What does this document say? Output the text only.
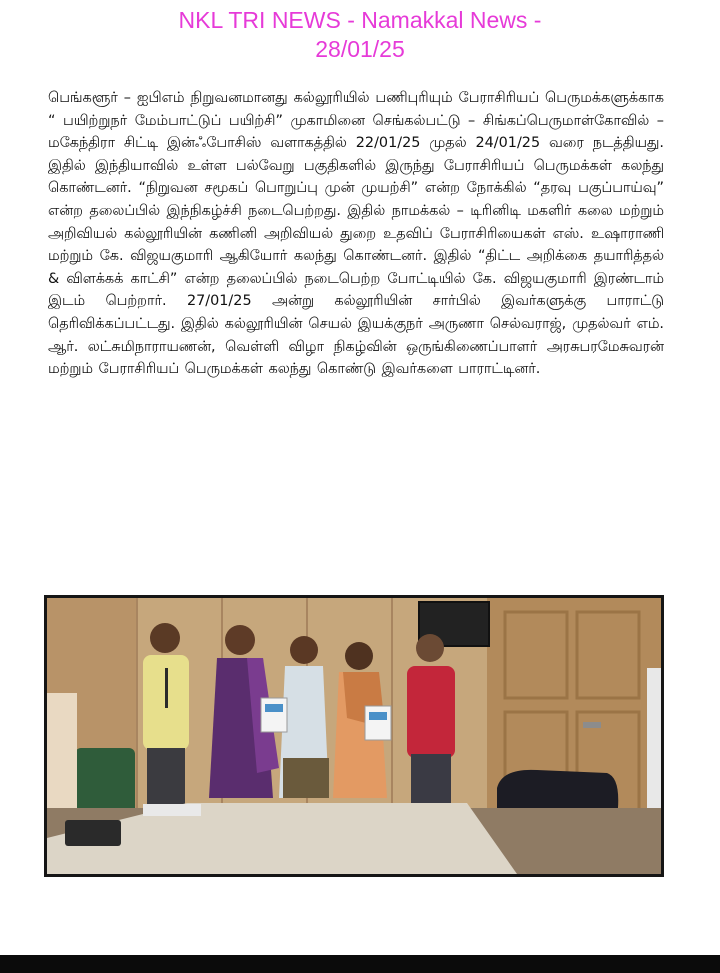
NKL TRI NEWS - Namakkal News -
28/01/25

பெங்களூர் – ஐபிஎம் நிறுவனமானது கல்லூரியில் பணிபுரியும் பேராசிரியப் பெருமக்களுக்காக “ பயிற்றுநர் மேம்பாட்டுப் பயிற்சி” முகாமினை செங்கல்பட்டு – சிங்கப்பெருமாள்கோவில் – மகேந்திரா சிட்டி இன்ஃபோசிஸ் வளாகத்தில் 22/01/25 முதல் 24/01/25 வரை நடத்தியது. இதில் இந்தியாவில் உள்ள பல்வேறு பகுதிகளில் இருந்து பேராசிரியப் பெருமக்கள் கலந்து கொண்டனர். “நிறுவன சமூகப் பொறுப்பு முன் முயற்சி” என்ற நோக்கில் “தரவு பகுப்பாய்வு” என்ற தலைப்பில் இந்நிகழ்ச்சி நடைபெற்றது. இதில் நாமக்கல் – டிரினிடி மகளிர் கலை மற்றும் அறிவியல் கல்லூரியின் கணினி அறிவியல் துறை உதவிப் பேராசிரியைகள் எஸ். உஷாராணி மற்றும் கே. விஜயகுமாரி ஆகியோர் கலந்து கொண்டனர். இதில் “திட்ட அறிக்கை தயாரித்தல் & விளக்கக் காட்சி” என்ற தலைப்பில் நடைபெற்ற போட்டியில் கே. விஜயகுமாரி இரண்டாம் இடம் பெற்றார். 27/01/25 அன்று கல்லூரியின் சார்பில் இவர்களுக்கு பாராட்டு தெரிவிக்கப்பட்டது. இதில் கல்லூரியின் செயல் இயக்குநர் அருணா செல்வராஜ், முதல்வர் எம். ஆர். லட்சுமிநாராயணன், வெள்ளி விழா நிகழ்வின் ஒருங்கிணைப்பாளர் அரசுபரமேசுவரன் மற்றும் பேராசிரியப் பெருமக்கள் கலந்து கொண்டு இவர்களை பாராட்டினர்.
